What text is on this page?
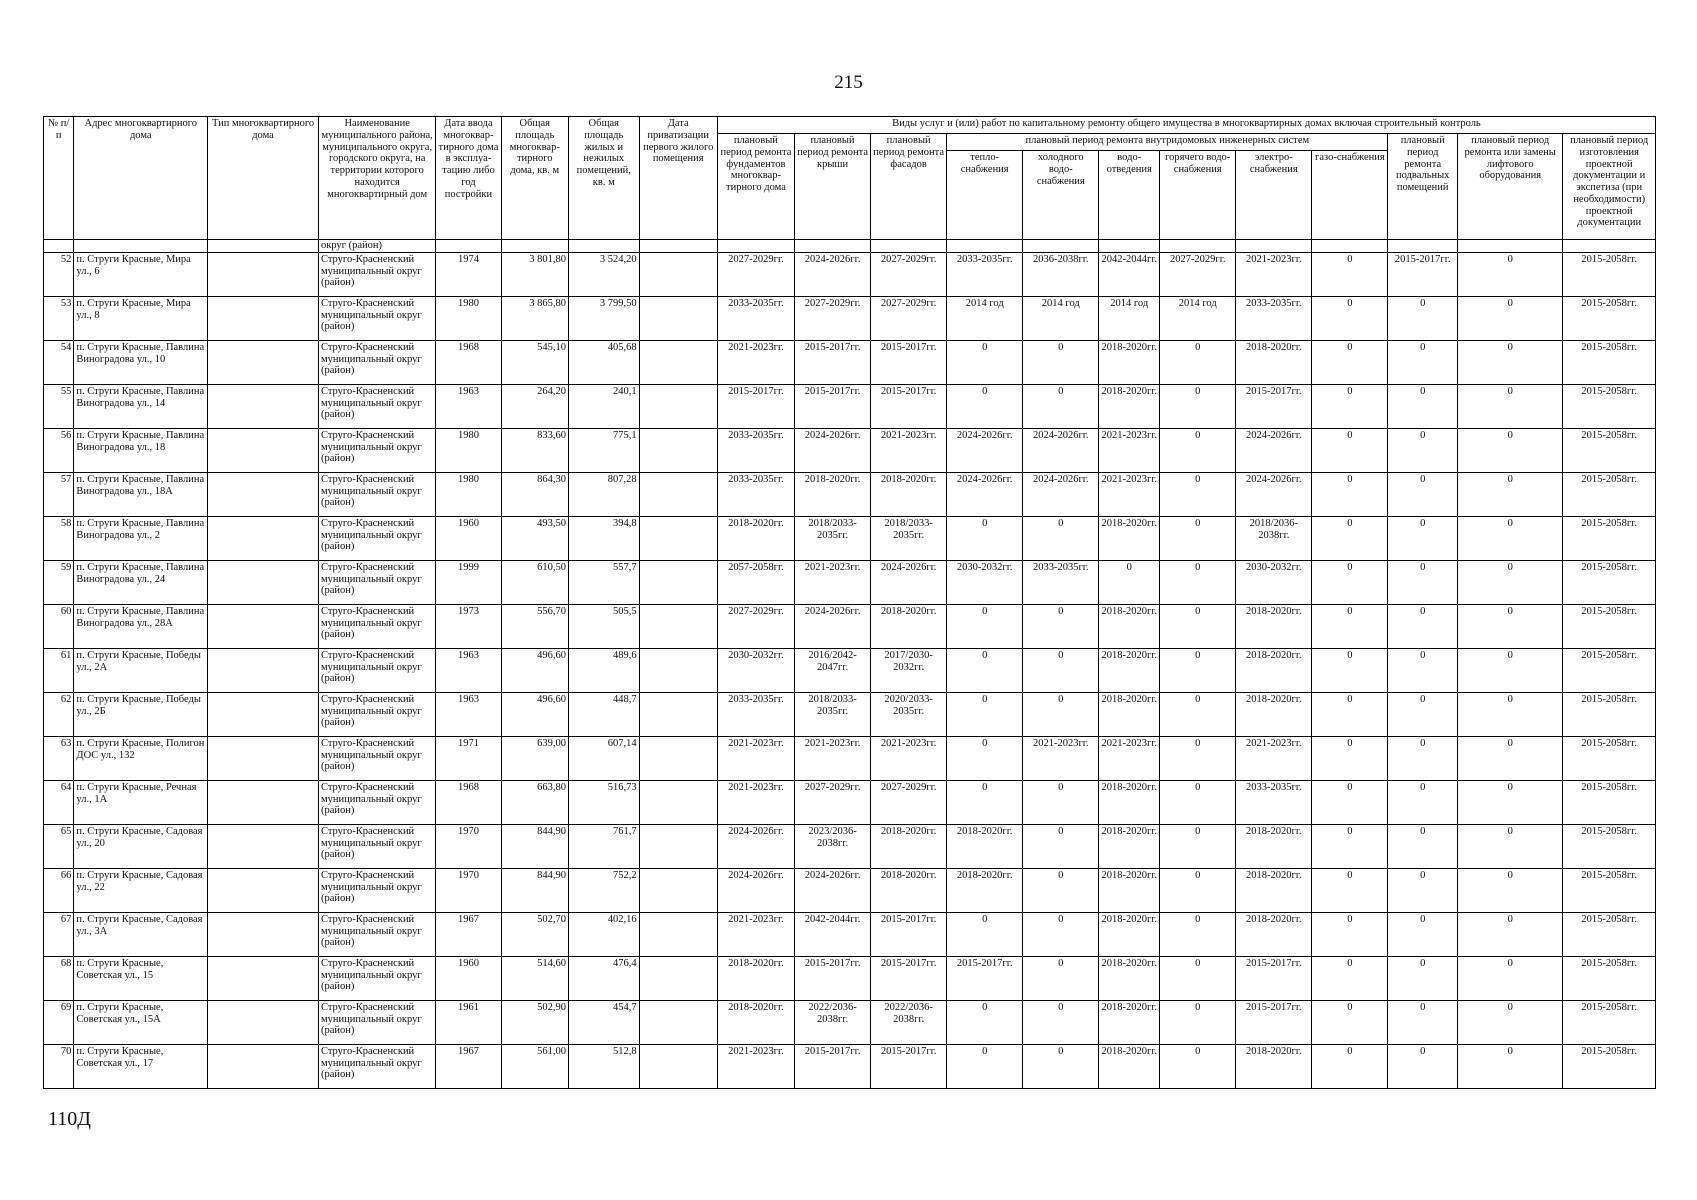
215
№ п/п	Адрес многоквартирного дома	Тип многоквартирного дома	Наименование муниципального района, муниципального округа, городского округа, на территории которого находится многоквартирный дом	Дата ввода многоквар-тирного дома в эксплуа-тацию либо год постройки	Общая площадь многоквар-тирного дома, кв. м	Общая площадь жилых и нежилых помещений, кв. м	Дата приватизации первого жилого помещения	Виды услуг и (или) работ по капитальному ремонту общего имущества в многоквартирных домах включая строительный контроль											
								плановый период ремонта фундаментов многоквар-тирного дома	плановый период ремонта крыши	плановый период ремонта фасадов	плановый период ремонта внутридомовых инженерных систем						плановый период ремонта подвальных помещений	плановый период ремонта или замены лифтового оборудования	плановый период изготовления проектной документации и экспетиза (при необходимости) проектной документации
											тепло-снабжения	холодного водо-снабжения	водо-отведения	горячего водо-снабжения	электро-снабжения	газо-снабжения			
			округ (район)																
52	п. Струги Красные, Мира ул., 6		Струго-Красненский муниципальный округ (район)	1974	3 801,80	3 524,20		2027-2029гг.	2024-2026гг.	2027-2029гг.	2033-2035гг.	2036-2038гг.	2042-2044гг.	2027-2029гг.	2021-2023гг.	0	2015-2017гг.	0	2015-2058гг.
53	п. Струги Красные, Мира ул., 8		Струго-Красненский муниципальный округ (район)	1980	3 865,80	3 799,50		2033-2035гг.	2027-2029гг.	2027-2029гг.	2014 год	2014 год	2014 год	2014 год	2033-2035гг.	0	0	0	2015-2058гг.
54	п. Струги Красные, Павлина Виноградова ул., 10		Струго-Красненский муниципальный округ (район)	1968	545,10	405,68		2021-2023гг.	2015-2017гг.	2015-2017гг.	0	0	2018-2020гг.	0	2018-2020гг.	0	0	0	2015-2058гг.
55	п. Струги Красные, Павлина Виноградова ул., 14		Струго-Красненский муниципальный округ (район)	1963	264,20	240,1		2015-2017гг.	2015-2017гг.	2015-2017гг.	0	0	2018-2020гг.	0	2015-2017гг.	0	0	0	2015-2058гг.
56	п. Струги Красные, Павлина Виноградова ул., 18		Струго-Красненский муниципальный округ (район)	1980	833,60	775,1		2033-2035гг.	2024-2026гг.	2021-2023гг.	2024-2026гг.	2024-2026гг.	2021-2023гг.	0	2024-2026гг.	0	0	0	2015-2058гг.
57	п. Струги Красные, Павлина Виноградова ул., 18А		Струго-Красненский муниципальный округ (район)	1980	864,30	807,28		2033-2035гг.	2018-2020гг.	2018-2020гг.	2024-2026гг.	2024-2026гг.	2021-2023гг.	0	2024-2026гг.	0	0	0	2015-2058гг.
58	п. Струги Красные, Павлина Виноградова ул., 2		Струго-Красненский муниципальный округ (район)	1960	493,50	394,8		2018-2020гг.	2018/2033-2035гг.	2018/2033-2035гг.	0	0	2018-2020гг.	0	2018/2036-2038гг.	0	0	0	2015-2058гг.
59	п. Струги Красные, Павлина Виноградова ул., 24		Струго-Красненский муниципальный округ (район)	1999	610,50	557,7		2057-2058гг.	2021-2023гг.	2024-2026гг.	2030-2032гг.	2033-2035гг.	0	0	2030-2032гг.	0	0	0	2015-2058гг.
60	п. Струги Красные, Павлина Виноградова ул., 28А		Струго-Красненский муниципальный округ (район)	1973	556,70	505,5		2027-2029гг.	2024-2026гг.	2018-2020гг.	0	0	2018-2020гг.	0	2018-2020гг.	0	0	0	2015-2058гг.
61	п. Струги Красные, Победы ул., 2А		Струго-Красненский муниципальный округ (район)	1963	496,60	489,6		2030-2032гг.	2016/2042-2047гг.	2017/2030-2032гг.	0	0	2018-2020гг.	0	2018-2020гг.	0	0	0	2015-2058гг.
62	п. Струги Красные, Победы ул., 2Б		Струго-Красненский муниципальный округ (район)	1963	496,60	448,7		2033-2035гг.	2018/2033-2035гг.	2020/2033-2035гг.	0	0	2018-2020гг.	0	2018-2020гг.	0	0	0	2015-2058гг.
63	п. Струги Красные, Полигон ДОС ул., 132		Струго-Красненский муниципальный округ (район)	1971	639,00	607,14		2021-2023гг.	2021-2023гг.	2021-2023гг.	0	2021-2023гг.	2021-2023гг.	0	2021-2023гг.	0	0	0	2015-2058гг.
64	п. Струги Красные, Речная ул., 1А		Струго-Красненский муниципальный округ (район)	1968	663,80	516,73		2021-2023гг.	2027-2029гг.	2027-2029гг.	0	0	2018-2020гг.	0	2033-2035гг.	0	0	0	2015-2058гг.
65	п. Струги Красные, Садовая ул., 20		Струго-Красненский муниципальный округ (район)	1970	844,90	761,7		2024-2026гг.	2023/2036-2038гг.	2018-2020гг.	2018-2020гг.	0	2018-2020гг.	0	2018-2020гг.	0	0	0	2015-2058гг.
66	п. Струги Красные, Садовая ул., 22		Струго-Красненский муниципальный округ (район)	1970	844,90	752,2		2024-2026гг.	2024-2026гг.	2018-2020гг.	2018-2020гг.	0	2018-2020гг.	0	2018-2020гг.	0	0	0	2015-2058гг.
67	п. Струги Красные, Садовая ул., 3А		Струго-Красненский муниципальный округ (район)	1967	502,70	402,16		2021-2023гг.	2042-2044гг.	2015-2017гг.	0	0	2018-2020гг.	0	2018-2020гг.	0	0	0	2015-2058гг.
68	п. Струги Красные, Советская ул., 15		Струго-Красненский муниципальный округ (район)	1960	514,60	476,4		2018-2020гг.	2015-2017гг.	2015-2017гг.	2015-2017гг.	0	2018-2020гг.	0	2015-2017гг.	0	0	0	2015-2058гг.
69	п. Струги Красные, Советская ул., 15А		Струго-Красненский муниципальный округ (район)	1961	502,90	454,7		2018-2020гг.	2022/2036-2038гг.	2022/2036-2038гг.	0	0	2018-2020гг.	0	2015-2017гг.	0	0	0	2015-2058гг.
70	п. Струги Красные, Советская ул., 17		Струго-Красненский муниципальный округ (район)	1967	561,00	512,8		2021-2023гг.	2015-2017гг.	2015-2017гг.	0	0	2018-2020гг.	0	2018-2020гг.	0	0	0	2015-2058гг.
110Д
